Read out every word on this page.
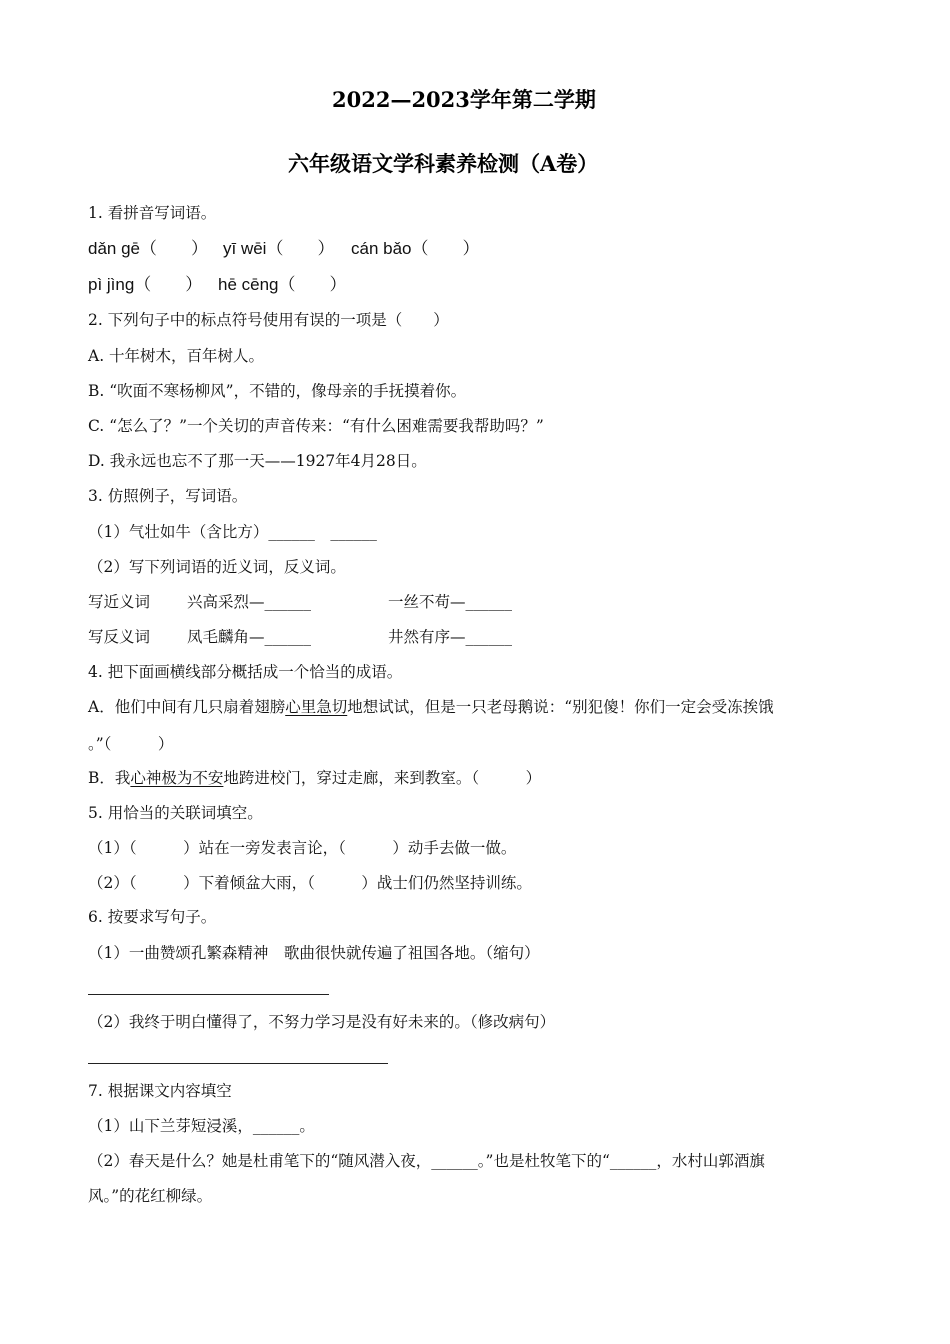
2022—2023学年第二学期
六年级语文学科素养检测（A卷）
1. 看拼音写词语。
dǎn gē（　　） yī wēi（　　） cán bǎo（　　）
pì jìng（　　） hē cēng（　　）
2. 下列句子中的标点符号使用有误的一项是（　　）
A. 十年树木，百年树人。
B. “吹面不寒杨柳风”，不错的，像母亲的手抚摸着你。
C. “怎么了？”一个关切的声音传来：“有什么困难需要我帮助吗？”
D. 我永远也忘不了那一天——1927年4月28日。
3. 仿照例子，写词语。
（1）气壮如牛（含比方）______　______
（2）写下列词语的近义词，反义词。
写近义词 兴高采烈—______	一丝不苟—______
写反义词 凤毛麟角—______	井然有序—______
4. 把下面画横线部分概括成一个恰当的成语。
A．他们中间有几只扇着翅膀心里急切地想试试，但是一只老母鹅说：“别犯傻！你们一定会受冻挨饿
。”（　　　）
B．我心神极为不安地跨进校门，穿过走廊，来到教室。（　　　）
5. 用恰当的关联词填空。
（1）（　　　）站在一旁发表言论，（　　　）动手去做一做。
（2）（　　　）下着倾盆大雨，（　　　）战士们仍然坚持训练。
6. 按要求写句子。
（1）一曲赞颂孔繁森精神　歌曲很快就传遍了祖国各地。（缩句）
（2）我终于明白懂得了，不努力学习是没有好未来的。（修改病句）
7. 根据课文内容填空
（1）山下兰芽短浸溪，______。
（2）春天是什么？她是杜甫笔下的“随风潜入夜，______。”也是杜牧笔下的“______，水村山郭酒旗
风。”的花红柳绿。
